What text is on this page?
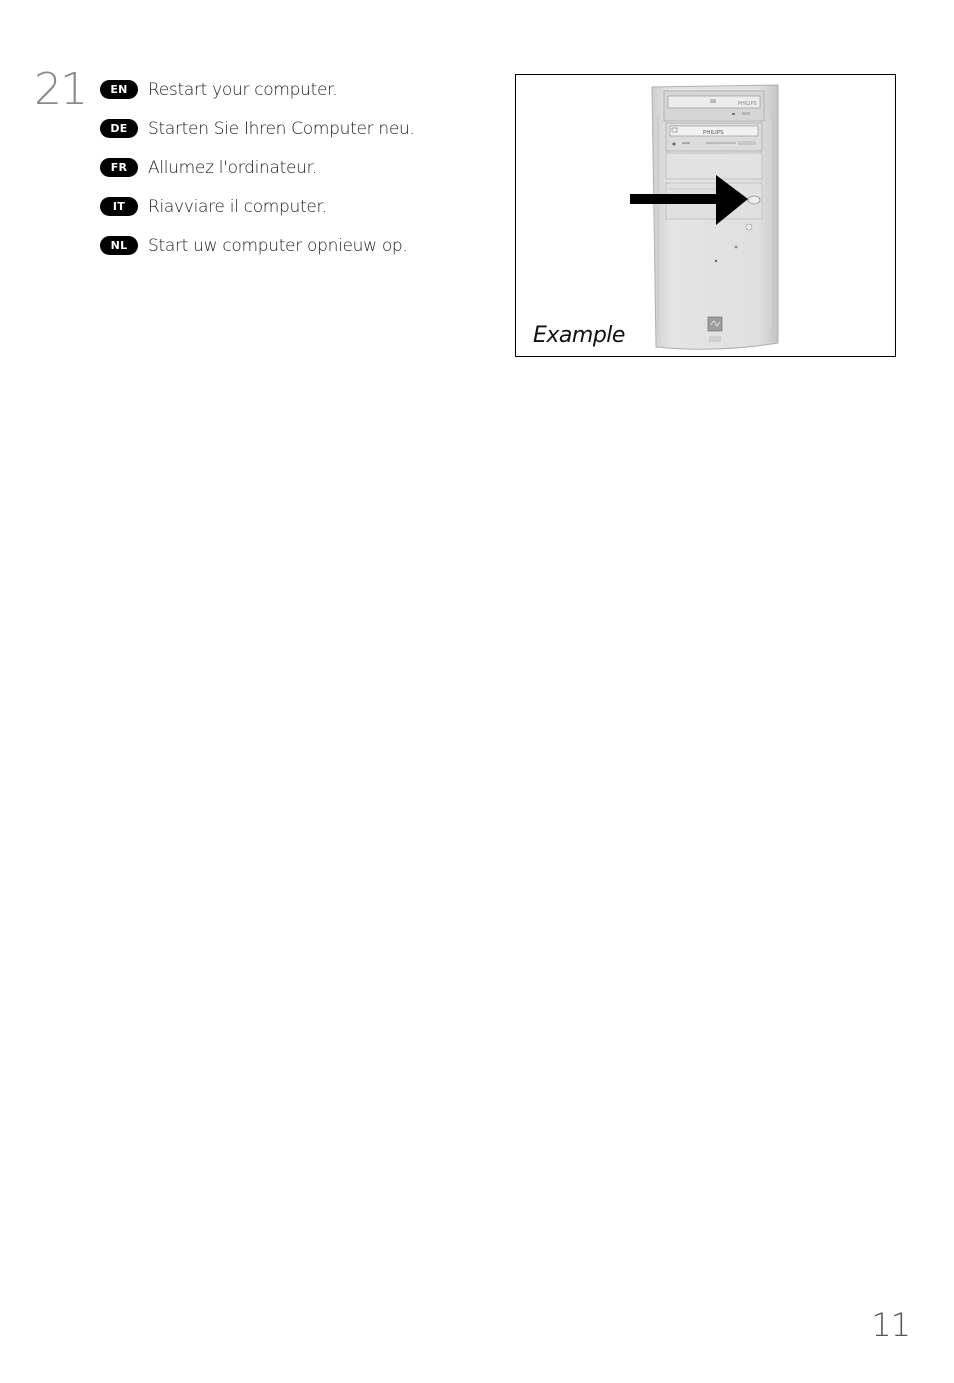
21	EN	Restart your computer.
DE	Starten Sie Ihren Computer neu.
FR	Allumez l'ordinateur.
IT	Riavviare il computer.
NL	Start uw computer opnieuw op.
PHILIPS
PHILIPS
Example
11
